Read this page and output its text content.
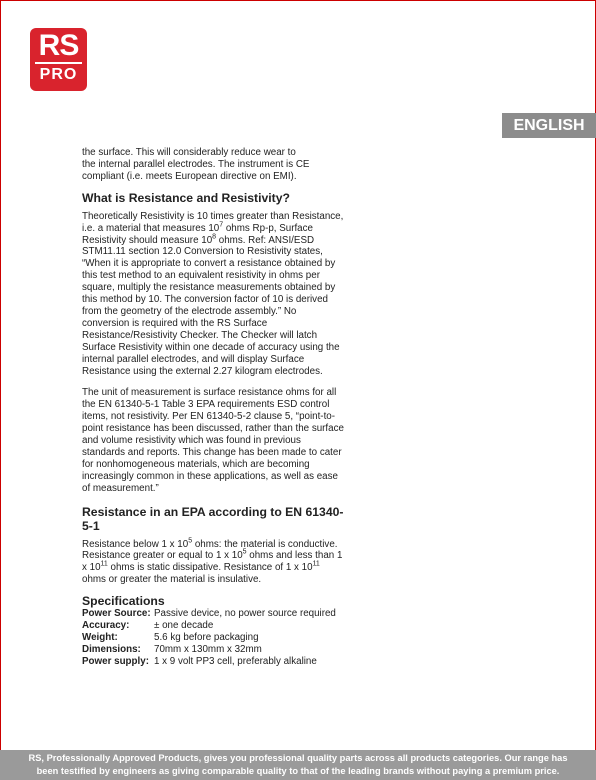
RS
PRO
ENGLISH

the surface. This will considerably reduce wear to
the internal parallel electrodes. The instrument is CE
compliant (i.e. meets European directive on EMI).

What is Resistance and Resistivity?

Theoretically Resistivity is 10 times greater than Resistance, i.e. a material that measures $10^7$ ohms Rp-p, Surface Resistivity should measure $10^8$ ohms. Ref: ANSI/ESD STM11.11 section 12.0 Conversion to Resistivity states, “When it is appropriate to convert a resistance obtained by this test method to an equivalent resistivity in ohms per square, multiply the resistance measurements obtained by this method by 10. The conversion factor of 10 is derived from the geometry of the electrode assembly.” No conversion is required with the RS Surface Resistance/Resistivity Checker. The Checker will latch Surface Resistivity within one decade of accuracy using the internal parallel electrodes, and will display Surface Resistance using the external 2.27 kilogram electrodes.

The unit of measurement is surface resistance ohms for all the EN 61340-5-1 Table 3 EPA requirements ESD control items, not resistivity. Per EN 61340-5-2 clause 5, “point-to-point resistance has been discussed, rather than the surface and volume resistivity which was found in previous standards and reports. This change has been made to cater for nonhomogeneous materials, which are becoming increasingly common in these applications, as well as ease of measurement.”

Resistance in an EPA according to EN 61340-5-1

Resistance below 1 x $10^5$ ohms: the material is conductive. Resistance greater or equal to 1 x $10^5$ ohms and less than 1 x $10^{11}$ ohms is static dissipative. Resistance of 1 x $10^{11}$ ohms or greater the material is insulative.

Specifications
Power Source:	Passive device, no power source required
Accuracy:	± one decade
Weight:	5.6 kg before packaging
Dimensions:	70mm x 130mm x 32mm
Power supply:	1 x 9 volt PP3 cell, preferably alkaline
RS, Professionally Approved Products, gives you professional quality parts across all products categories. Our range has
been testified by engineers as giving comparable quality to that of the leading brands without paying a premium price.
